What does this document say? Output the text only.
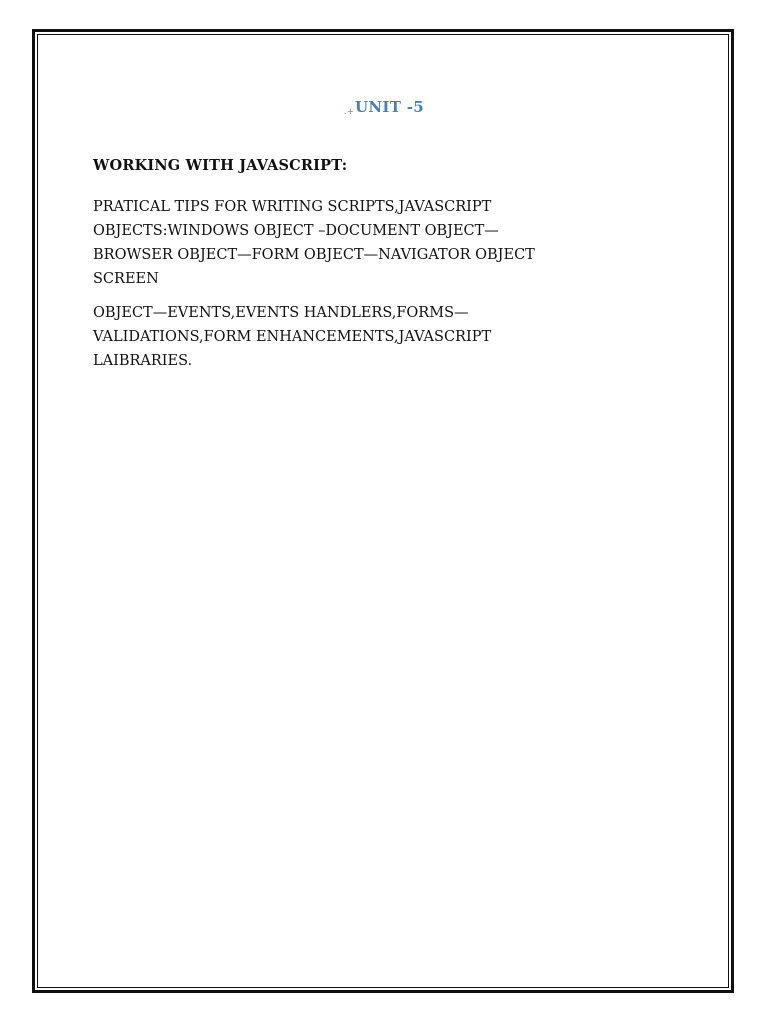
․+UNIT -5
WORKING WITH JAVASCRIPT:
PRATICAL TIPS FOR WRITING SCRIPTS,JAVASCRIPT
OBJECTS:WINDOWS OBJECT –DOCUMENT OBJECT—
BROWSER OBJECT—FORM OBJECT—NAVIGATOR OBJECT
SCREEN
OBJECT—EVENTS,EVENTS HANDLERS,FORMS—
VALIDATIONS,FORM ENHANCEMENTS,JAVASCRIPT
LAIBRARIES.
